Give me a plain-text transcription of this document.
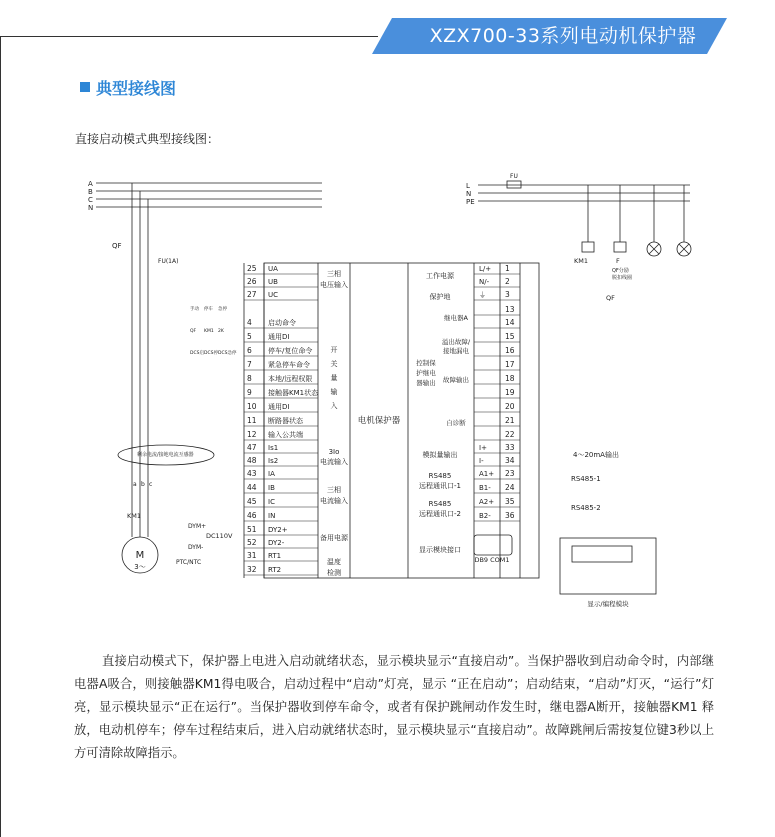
XZX700-33系列电动机保护器
典型接线图
直接启动模式典型接线图：
25 UA
26 UB
27 UC
4 启动命令
5 通用DI
6 停车/复位命令
7 紧急停车命令
8 本地/远程权限
9 接触器KM1状态
10 通用DI
11 断路器状态
12 输入公共端
47 Is1
48 Is2
43 IA
44 IB
45 IC
46 IN
51 DY2+
52 DY2-
31 RT1
32 RT2
三相
电压输入
开
关
量
输
入
3Io
电流输入
三相
电流输入
备用电源
温度
检测
电机保护器
L/+ 1
N/- 2
⏚	3
13
14
15
16
17
18
19
20
21
22
I+ 33
I-	34
A1+ 23
B1- 24
A2+ 35
B2- 36
工作电源
保护地
控制保
护继电
器输出
继电器A
溢出故障/
接地漏电
故障输出
自诊断
模拟量输出
RS485
远程通讯口-1
RS485
远程通讯口-2
显示模块接口
DB9 COM1
A
B
C
N
L
N
PE
FU
QF
FU(1A)	KM1	F
QF分励
脱扣线圈
QF
KM1
M
3～
PTC/NTC
DYM+
DYM-
DC110V
剩余电流/接地电流互感器
a b c
4～20mA输出
RS485-1
RS485-2
显示/编程模块
手动 停车 急停
QF KM1 2K
DCS启 DCS停 DCS急停
直接启动模式下，保护器上电进入启动就绪状态，显示模块显示“直接启动”。当保护器收到启动命令时，内部继电器A吸合，则接触器KM1得电吸合，启动过程中“启动”灯亮，显示 “正在启动”；启动结束，“启动”灯灭，“运行”灯亮，显示模块显示“正在运行”。当保护器收到停车命令，或者有保护跳闸动作发生时，继电器A断开，接触器KM1 释放，电动机停车；停车过程结束后，进入启动就绪状态时，显示模块显示“直接启动”。故障跳闸后需按复位键3秒以上方可清除故障指示。
